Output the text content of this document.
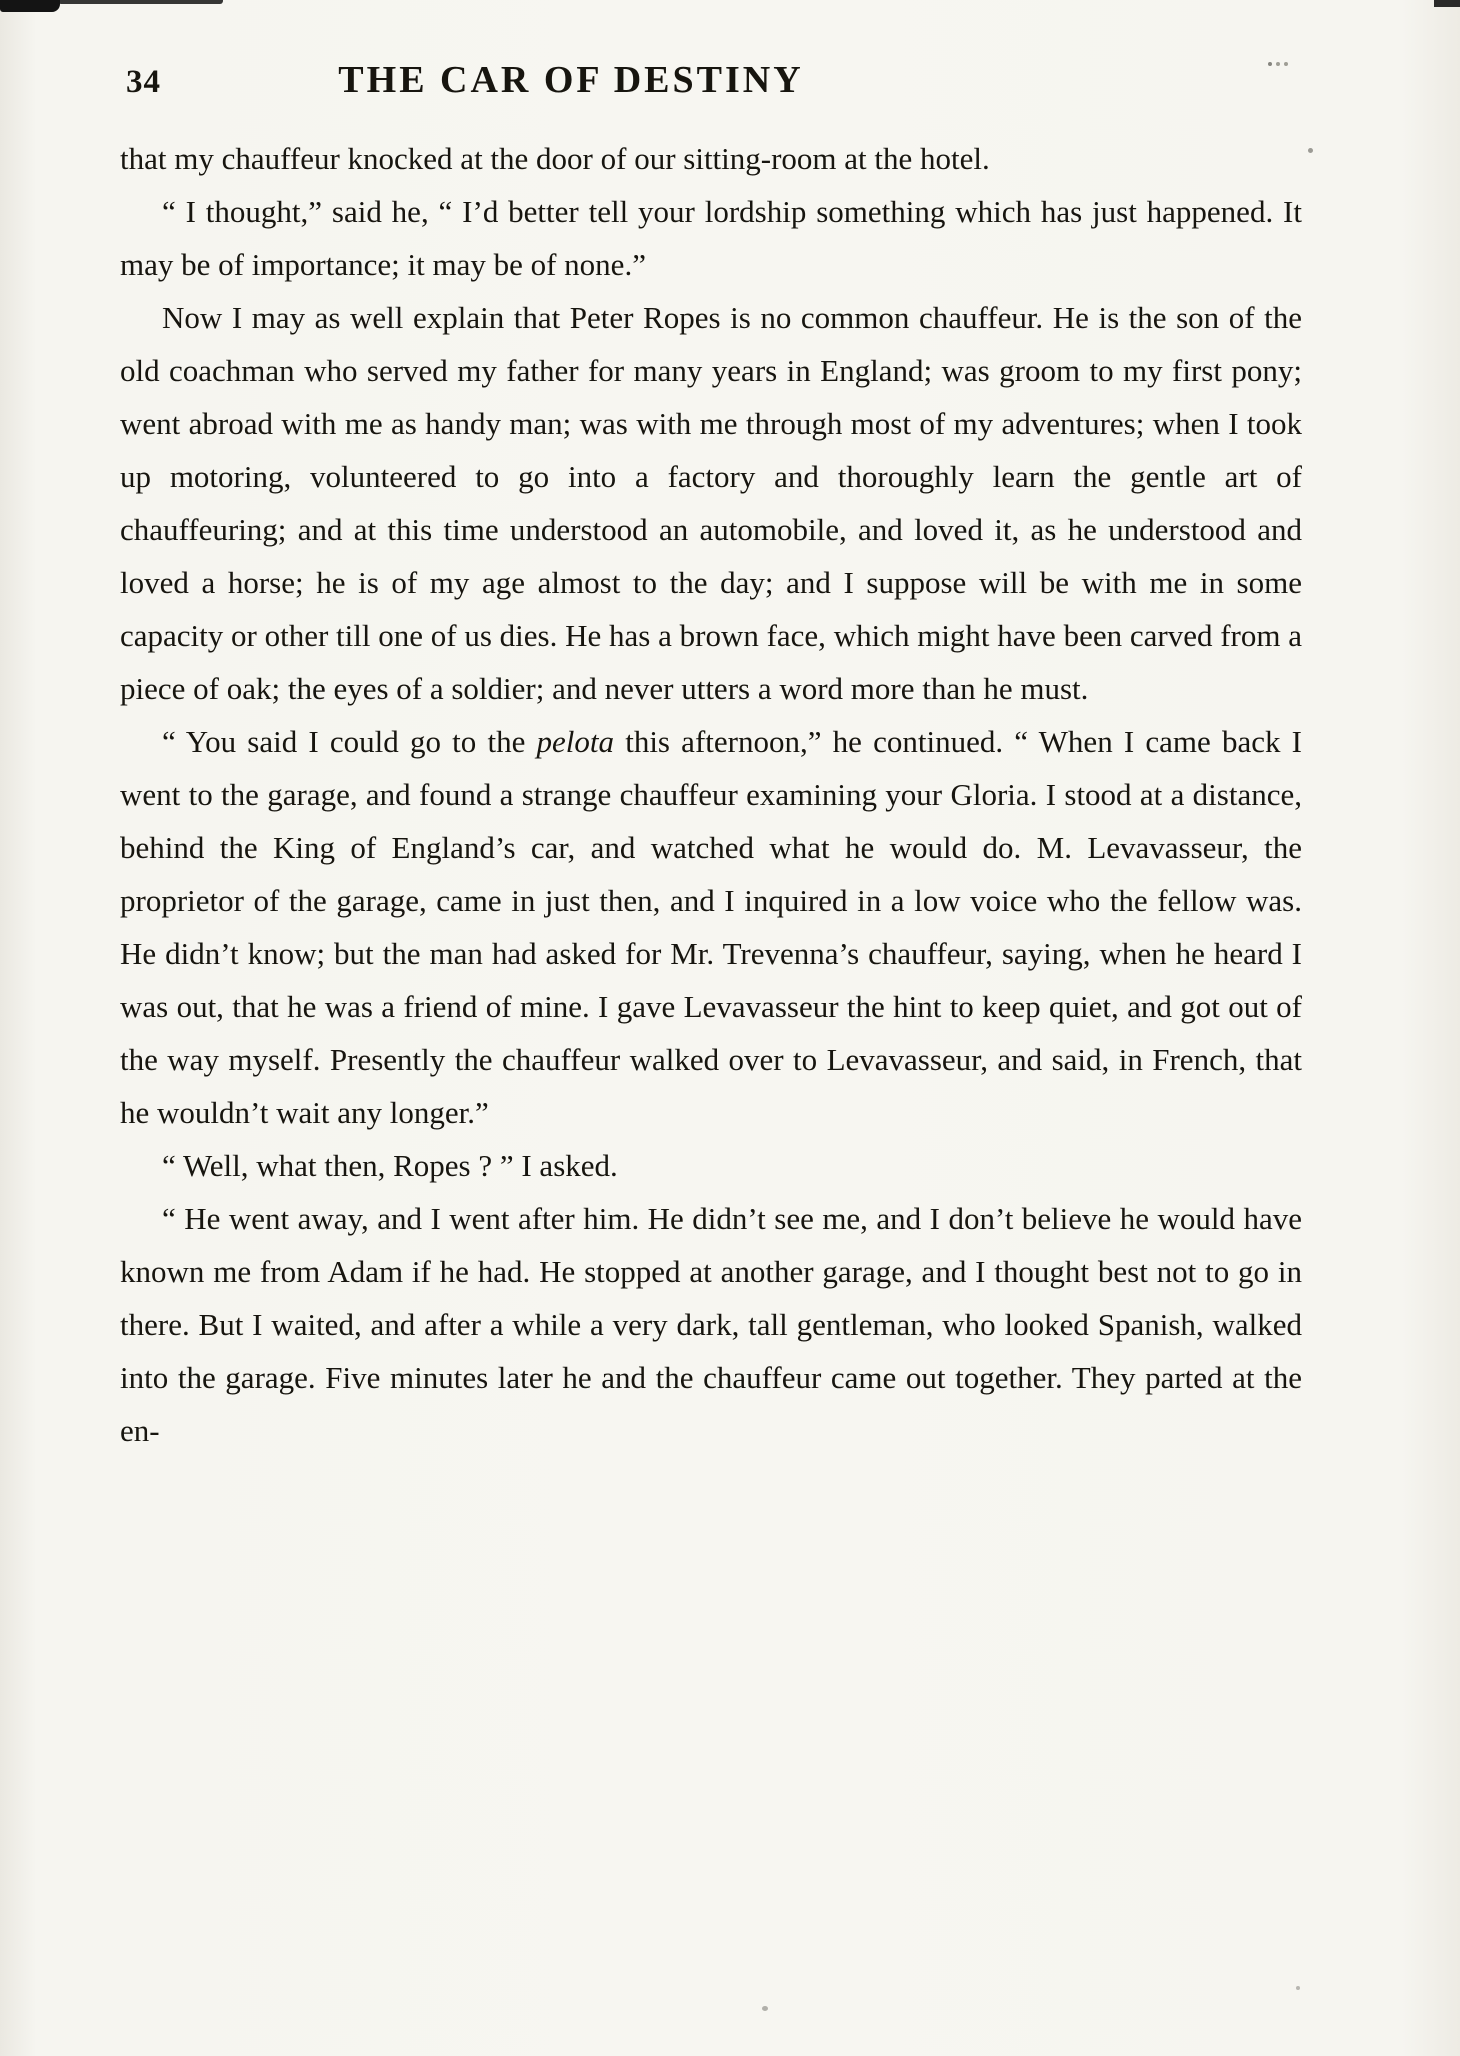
34	THE CAR OF DESTINY

that my chauffeur knocked at the door of our sitting-room at the hotel.

“ I thought,” said he, “ I’d better tell your lordship something which has just happened. It may be of importance; it may be of none.”

Now I may as well explain that Peter Ropes is no common chauffeur. He is the son of the old coachman who served my father for many years in England; was groom to my first pony; went abroad with me as handy man; was with me through most of my adventures; when I took up motoring, volunteered to go into a factory and thoroughly learn the gentle art of chauffeuring; and at this time understood an automobile, and loved it, as he understood and loved a horse; he is of my age almost to the day; and I suppose will be with me in some capacity or other till one of us dies. He has a brown face, which might have been carved from a piece of oak; the eyes of a soldier; and never utters a word more than he must.

“ You said I could go to the pelota this afternoon,” he continued. “ When I came back I went to the garage, and found a strange chauffeur examining your Gloria. I stood at a distance, behind the King of England’s car, and watched what he would do. M. Levavasseur, the proprietor of the garage, came in just then, and I inquired in a low voice who the fellow was. He didn’t know; but the man had asked for Mr. Trevenna’s chauffeur, saying, when he heard I was out, that he was a friend of mine. I gave Levavasseur the hint to keep quiet, and got out of the way myself. Presently the chauffeur walked over to Levavasseur, and said, in French, that he wouldn’t wait any longer.”

“ Well, what then, Ropes ? ” I asked.

“ He went away, and I went after him. He didn’t see me, and I don’t believe he would have known me from Adam if he had. He stopped at another garage, and I thought best not to go in there. But I waited, and after a while a very dark, tall gentleman, who looked Spanish, walked into the garage. Five minutes later he and the chauffeur came out together. They parted at the en-
